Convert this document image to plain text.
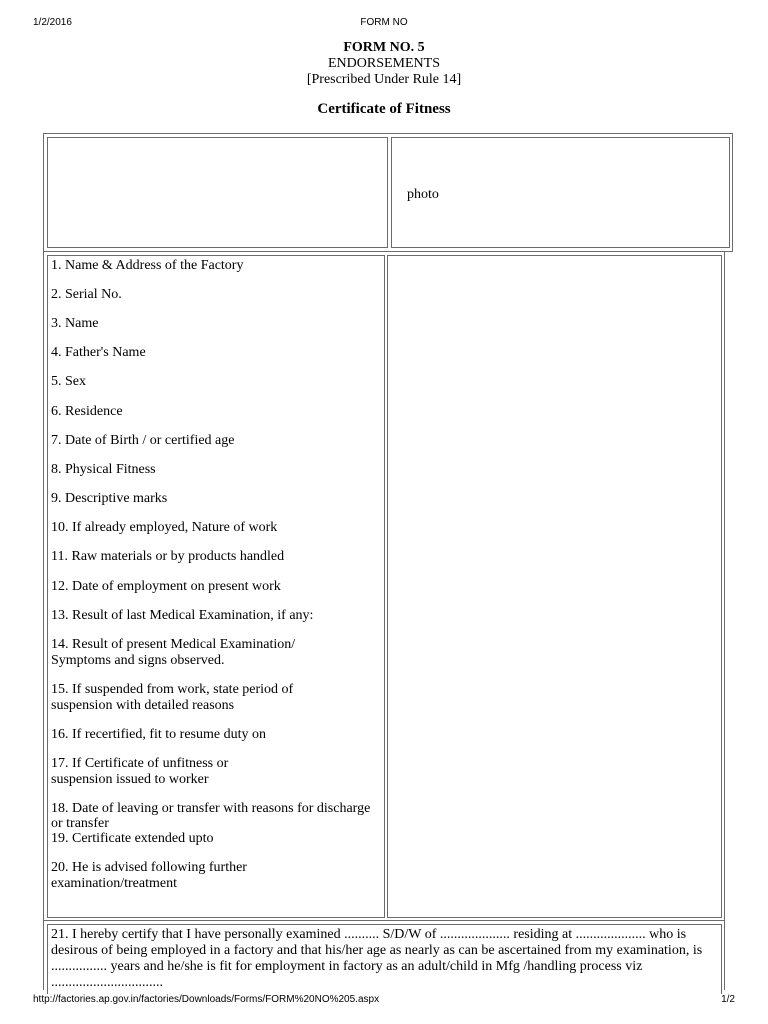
1/2/2016	FORM NO
FORM NO. 5
ENDORSEMENTS
[Prescribed Under Rule 14]
Certificate of Fitness
photo
1. Name & Address of the Factory
2. Serial No.
3. Name
4. Father's Name
5. Sex
6. Residence
7. Date of Birth / or certified age
8. Physical Fitness
9. Descriptive marks
10. If already employed, Nature of work
11. Raw materials or by products handled
12. Date of employment on present work
13. Result of last Medical Examination, if any:
14. Result of present Medical Examination/
Symptoms and signs observed.
15. If suspended from work, state period of
suspension with detailed reasons
16. If recertified, fit to resume duty on
17. If Certificate of unfitness or
suspension issued to worker
18. Date of leaving or transfer with reasons for discharge
or transfer
19. Certificate extended upto
20. He is advised following further
examination/treatment
21. I hereby certify that I have personally examined .......... S/D/W of .................... residing at .................... who is desirous of being employed in a factory and that his/her age as nearly as can be ascertained from my examination, is ................ years and he/she is fit for employment in factory as an adult/child in Mfg /handling process viz ................................
http://factories.ap.gov.in/factories/Downloads/Forms/FORM%20NO%205.aspx	1/2
